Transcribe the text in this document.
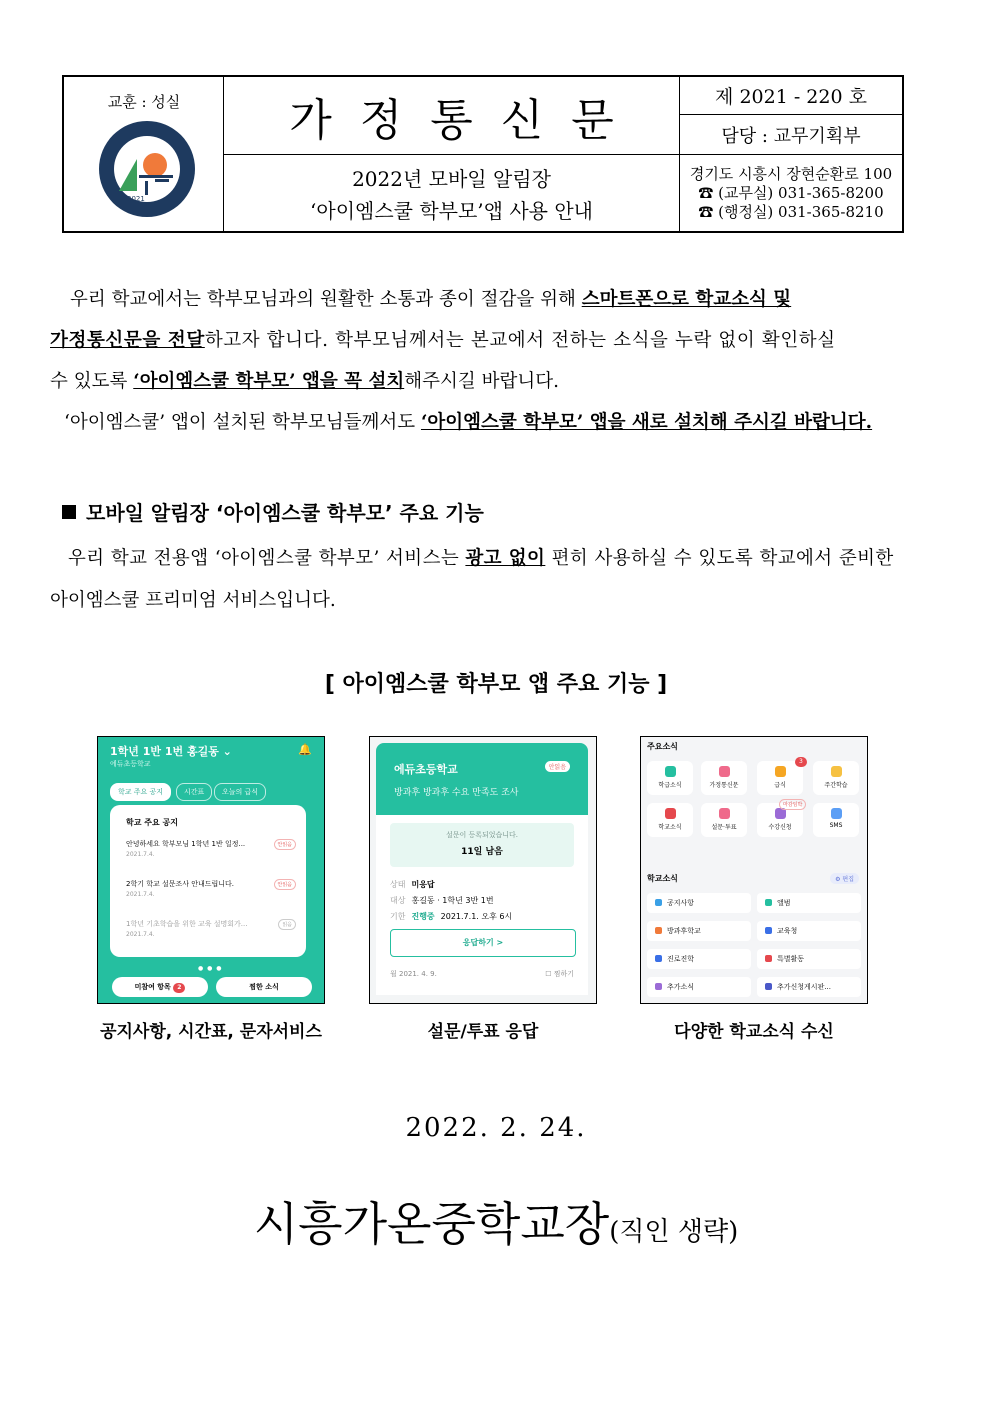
교훈 : 성실
2021
가정통신문
2022년 모바일 알림장
‘아이엠스쿨 학부모’앱 사용 안내
제 2021 - 220 호
담당 : 교무기획부
경기도 시흥시 장현순환로 100
☎ (교무실) 031-365-8200
☎ (행정실) 031-365-8210
우리 학교에서는 학부모님과의 원활한 소통과 종이 절감을 위해 스마트폰으로 학교소식 및
가정통신문을 전달하고자 합니다. 학부모님께서는 본교에서 전하는 소식을 누락 없이 확인하실
수 있도록 ‘아이엠스쿨 학부모’ 앱을 꼭 설치해주시길 바랍니다.
‘아이엠스쿨’ 앱이 설치된 학부모님들께서도 ‘아이엠스쿨 학부모’ 앱을 새로 설치해 주시길 바랍니다.
모바일 알림장 ‘아이엠스쿨 학부모’ 주요 기능
우리 학교 전용앱 ‘아이엠스쿨 학부모’ 서비스는 광고 없이 편히 사용하실 수 있도록 학교에서 준비한
아이엠스쿨 프리미엄 서비스입니다.
[ 아이엠스쿨 학부모 앱 주요 기능 ]
1학년 1반 1번 홍길동 ⌄
에듀초등학교
🔔
학교 주요 공지	시간표	오늘의 급식
학교 주요 공지
안녕하세요 학부모님 1학년 1반 일정...
2021.7.4.
안읽음
2학기 학교 설문조사 안내드립니다.
2021.7.4.
안읽음
1학년 기초학습을 위한 교육 설명회가...
2021.7.4.
읽음
● ● ●
미참여 항목 2	찜한 소식
에듀초등학교	안읽음
방과후 방과후 수요 만족도 조사
설문이 등록되었습니다.
11일 남음
상태 미응답
대상 홍길동 · 1학년 3반 1번
기한 진행중 2021.7.1. 오후 6시
응답하기 >
월 2021. 4. 9.	☐ 찜하기
주요소식
학급소식	가정통신문	급식
3
주간학습
학교소식	설문·투표	수강신청
마감임박
SMS
학교소식	⚙ 편집
공지사항	앨범
방과후학교	교육청
진로진학	특별활동
추가소식	추가신청게시판...
공지사항, 시간표, 문자서비스	설문/투표 응답	다양한 학교소식 수신
2022. 2. 24.
시흥가온중학교장(직인 생략)
